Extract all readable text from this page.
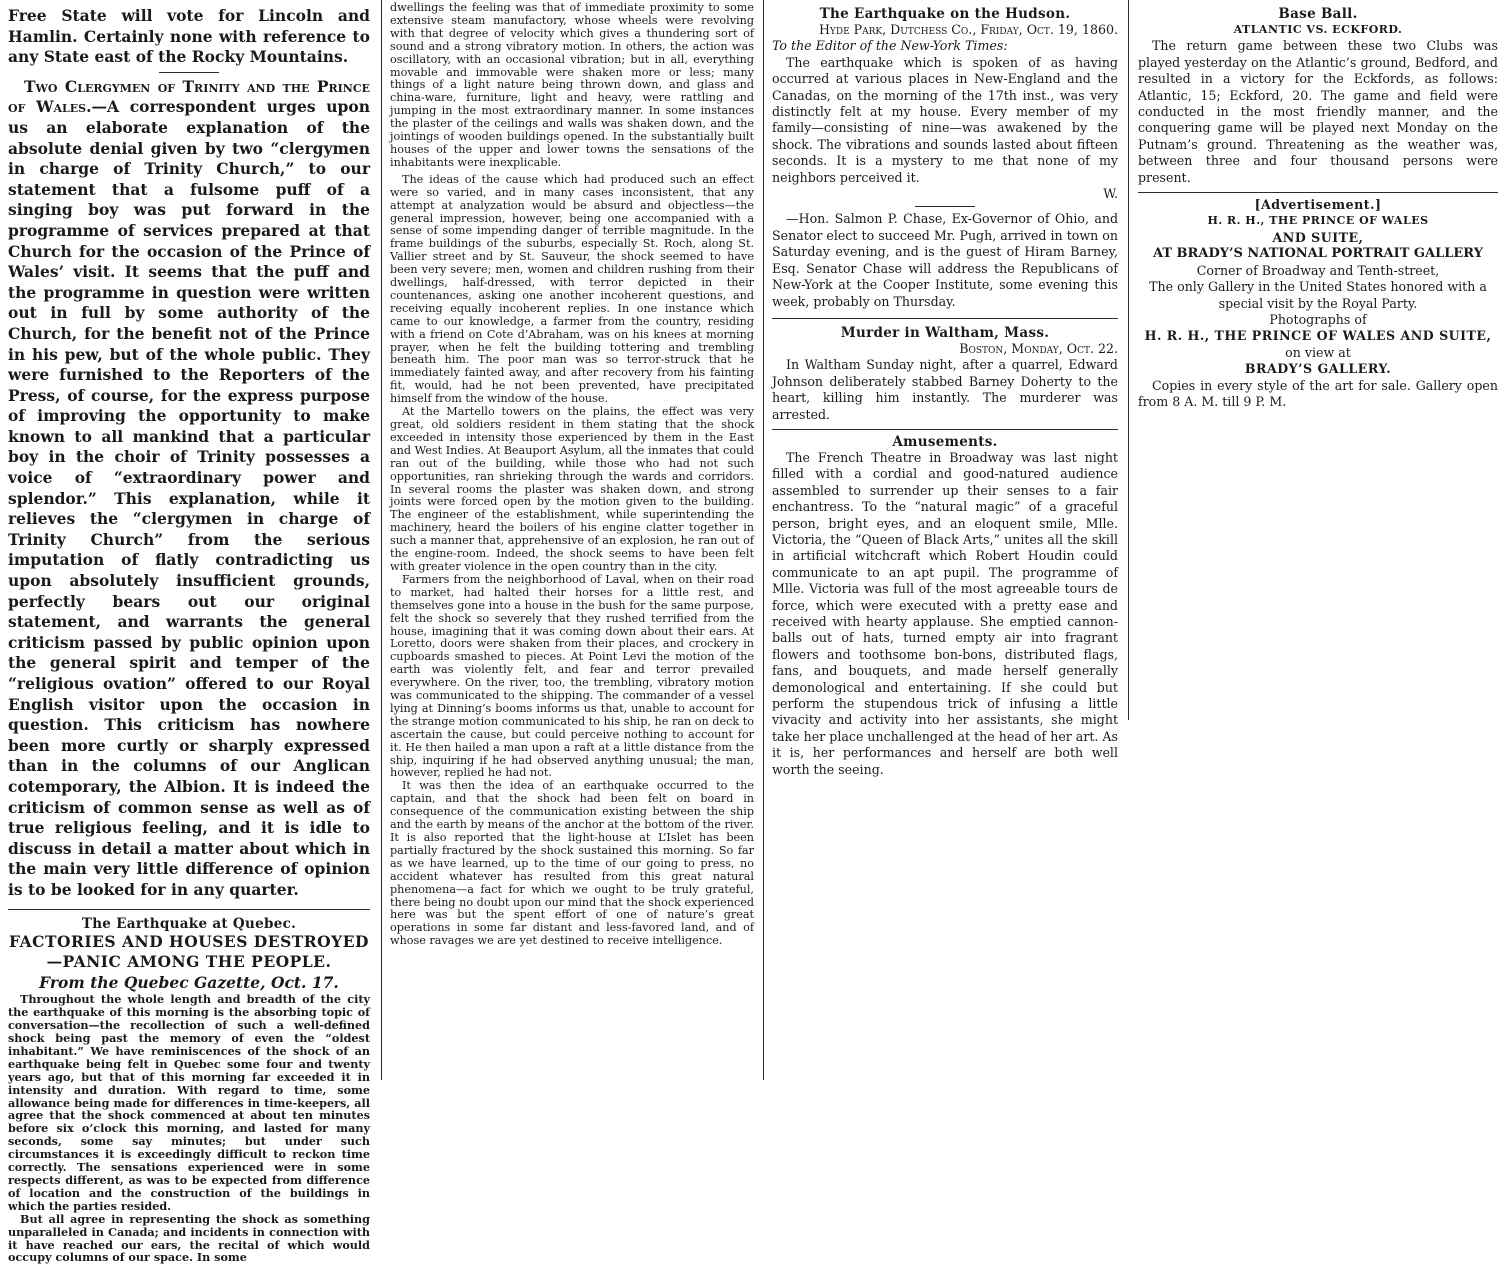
Free State will vote for Lincoln and Hamlin. Certainly none with reference to any State east of the Rocky Mountains.

Two Clergymen of Trinity and the Prince of Wales.—A correspondent urges upon us an elaborate explanation of the absolute denial given by two “clergymen in charge of Trinity Church,” to our statement that a fulsome puff of a singing boy was put forward in the programme of services prepared at that Church for the occasion of the Prince of Wales’ visit. It seems that the puff and the programme in question were written out in full by some authority of the Church, for the benefit not of the Prince in his pew, but of the whole public. They were furnished to the Reporters of the Press, of course, for the express purpose of improving the opportunity to make known to all mankind that a particular boy in the choir of Trinity possesses a voice of “extraordinary power and splendor.” This explanation, while it relieves the “clergymen in charge of Trinity Church” from the serious imputation of flatly contradicting us upon absolutely insufficient grounds, perfectly bears out our original statement, and warrants the general criticism passed by public opinion upon the general spirit and temper of the “religious ovation” offered to our Royal English visitor upon the occasion in question. This criticism has nowhere been more curtly or sharply expressed than in the columns of our Anglican cotemporary, the Albion. It is indeed the criticism of common sense as well as of true religious feeling, and it is idle to discuss in detail a matter about which in the main very little difference of opinion is to be looked for in any quarter.

The Earthquake at Quebec.

FACTORIES AND HOUSES DESTROYED—PANIC AMONG THE PEOPLE.

From the Quebec Gazette, Oct. 17.

Throughout the whole length and breadth of the city the earthquake of this morning is the absorbing topic of conversation—the recollection of such a well-defined shock being past the memory of even the “oldest inhabitant.” We have reminiscences of the shock of an earthquake being felt in Quebec some four and twenty years ago, but that of this morning far exceeded it in intensity and duration. With regard to time, some allowance being made for differences in time-keepers, all agree that the shock commenced at about ten minutes before six o’clock this morning, and lasted for many seconds, some say minutes; but under such circumstances it is exceedingly difficult to reckon time correctly. The sensations experienced were in some respects different, as was to be expected from difference of location and the construction of the buildings in which the parties resided.

But all agree in representing the shock as something unparalleled in Canada; and incidents in connection with it have reached our ears, the recital of which would occupy columns of our space. In some

dwellings the feeling was that of immediate proximity to some extensive steam manufactory, whose wheels were revolving with that degree of velocity which gives a thundering sort of sound and a strong vibratory motion. In others, the action was oscillatory, with an occasional vibration; but in all, everything movable and immovable were shaken more or less; many things of a light nature being thrown down, and glass and china-ware, furniture, light and heavy, were rattling and jumping in the most extraordinary manner. In some instances the plaster of the ceilings and walls was shaken down, and the jointings of wooden buildings opened. In the substantially built houses of the upper and lower towns the sensations of the inhabitants were inexplicable.

The ideas of the cause which had produced such an effect were so varied, and in many cases inconsistent, that any attempt at analyzation would be absurd and objectless—the general impression, however, being one accompanied with a sense of some impending danger of terrible magnitude. In the frame buildings of the suburbs, especially St. Roch, along St. Vallier street and by St. Sauveur, the shock seemed to have been very severe; men, women and children rushing from their dwellings, half-dressed, with terror depicted in their countenances, asking one another incoherent questions, and receiving equally incoherent replies. In one instance which came to our knowledge, a farmer from the country, residing with a friend on Cote d’Abraham, was on his knees at morning prayer, when he felt the building tottering and trembling beneath him. The poor man was so terror-struck that he immediately fainted away, and after recovery from his fainting fit, would, had he not been prevented, have precipitated himself from the window of the house.

At the Martello towers on the plains, the effect was very great, old soldiers resident in them stating that the shock exceeded in intensity those experienced by them in the East and West Indies. At Beauport Asylum, all the inmates that could ran out of the building, while those who had not such opportunities, ran shrieking through the wards and corridors. In several rooms the plaster was shaken down, and strong joints were forced open by the motion given to the building. The engineer of the establishment, while superintending the machinery, heard the boilers of his engine clatter together in such a manner that, apprehensive of an explosion, he ran out of the engine-room. Indeed, the shock seems to have been felt with greater violence in the open country than in the city.

Farmers from the neighborhood of Laval, when on their road to market, had halted their horses for a little rest, and themselves gone into a house in the bush for the same purpose, felt the shock so severely that they rushed terrified from the house, imagining that it was coming down about their ears. At Loretto, doors were shaken from their places, and crockery in cupboards smashed to pieces. At Point Levi the motion of the earth was violently felt, and fear and terror prevailed everywhere. On the river, too, the trembling, vibratory motion was communicated to the shipping. The commander of a vessel lying at Dinning’s booms informs us that, unable to account for the strange motion communicated to his ship, he ran on deck to ascertain the cause, but could perceive nothing to account for it. He then hailed a man upon a raft at a little distance from the ship, inquiring if he had observed anything unusual; the man, however, replied he had not.

It was then the idea of an earthquake occurred to the captain, and that the shock had been felt on board in consequence of the communication existing between the ship and the earth by means of the anchor at the bottom of the river. It is also reported that the light-house at L’Islet has been partially fractured by the shock sustained this morning. So far as we have learned, up to the time of our going to press, no accident whatever has resulted from this great natural phenomena—a fact for which we ought to be truly grateful, there being no doubt upon our mind that the shock experienced here was but the spent effort of one of nature’s great operations in some far distant and less-favored land, and of whose ravages we are yet destined to receive intelligence.

The Earthquake on the Hudson.

Hyde Park, Dutchess Co., Friday, Oct. 19, 1860.

To the Editor of the New-York Times:

The earthquake which is spoken of as having occurred at various places in New-England and the Canadas, on the morning of the 17th inst., was very distinctly felt at my house. Every member of my family—consisting of nine—was awakened by the shock. The vibrations and sounds lasted about fifteen seconds. It is a mystery to me that none of my neighbors perceived it.

W.

—Hon. Salmon P. Chase, Ex-Governor of Ohio, and Senator elect to succeed Mr. Pugh, arrived in town on Saturday evening, and is the guest of Hiram Barney, Esq. Senator Chase will address the Republicans of New-York at the Cooper Institute, some evening this week, probably on Thursday.

Murder in Waltham, Mass.

Boston, Monday, Oct. 22.

In Waltham Sunday night, after a quarrel, Edward Johnson deliberately stabbed Barney Doherty to the heart, killing him instantly. The murderer was arrested.

Amusements.

The French Theatre in Broadway was last night filled with a cordial and good-natured audience assembled to surrender up their senses to a fair enchantress. To the “natural magic” of a graceful person, bright eyes, and an eloquent smile, Mlle. Victoria, the “Queen of Black Arts,” unites all the skill in artificial witchcraft which Robert Houdin could communicate to an apt pupil. The programme of Mlle. Victoria was full of the most agreeable tours de force, which were executed with a pretty ease and received with hearty applause. She emptied cannon-balls out of hats, turned empty air into fragrant flowers and toothsome bon-bons, distributed flags, fans, and bouquets, and made herself generally demonological and entertaining. If she could but perform the stupendous trick of infusing a little vivacity and activity into her assistants, she might take her place unchallenged at the head of her art. As it is, her performances and herself are both well worth the seeing.

Base Ball.

ATLANTIC VS. ECKFORD.

The return game between these two Clubs was played yesterday on the Atlantic’s ground, Bedford, and resulted in a victory for the Eckfords, as follows: Atlantic, 15; Eckford, 20. The game and field were conducted in the most friendly manner, and the conquering game will be played next Monday on the Putnam’s ground. Threatening as the weather was, between three and four thousand persons were present.

[Advertisement.]

H. R. H., THE PRINCE OF WALES

AND SUITE,

AT BRADY’S NATIONAL PORTRAIT GALLERY

Corner of Broadway and Tenth-street,

The only Gallery in the United States honored with a special visit by the Royal Party.

Photographs of

H. R. H., THE PRINCE OF WALES AND SUITE,

on view at

BRADY’S GALLERY.

Copies in every style of the art for sale. Gallery open from 8 A. M. till 9 P. M.
